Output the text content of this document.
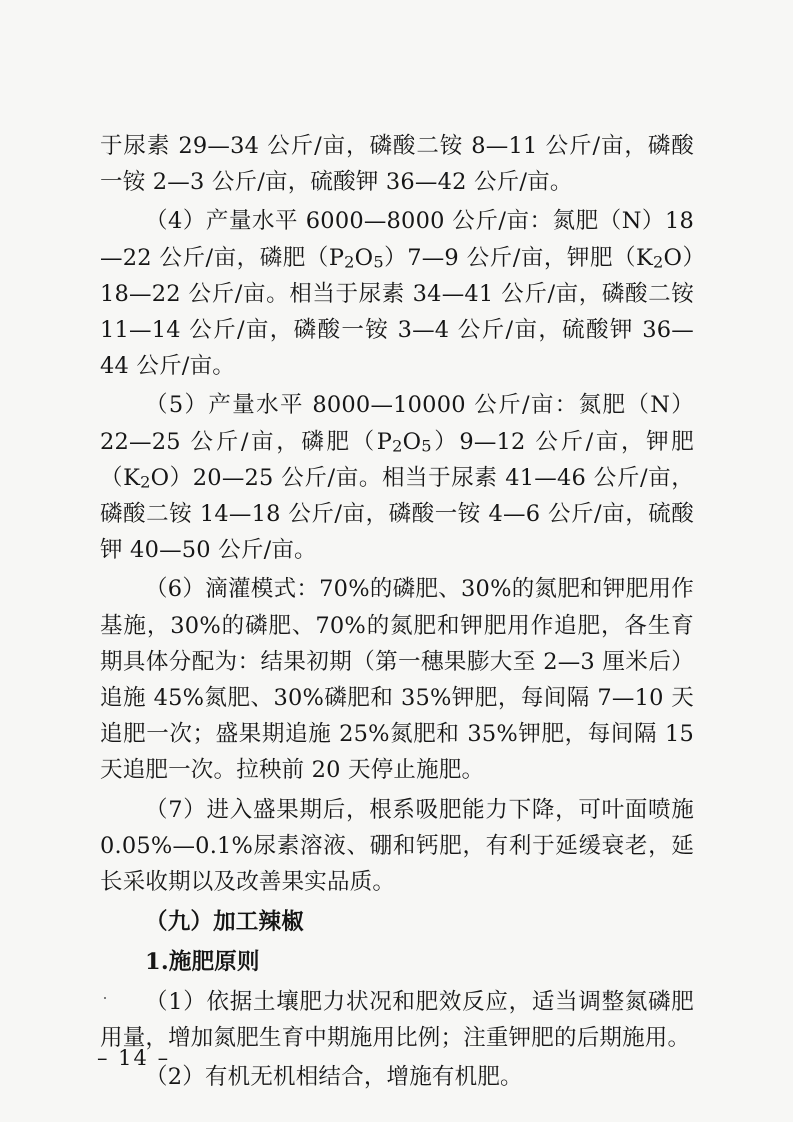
于尿素 29—34 公斤/亩，磷酸二铵 8—11 公斤/亩，磷酸一铵 2—3 公斤/亩，硫酸钾 36—42 公斤/亩。

（4）产量水平 6000—8000 公斤/亩：氮肥（N）18—22 公斤/亩，磷肥$(P_2O_5)7—9$ 公斤/亩，钾肥$(K_2O)18—22$ 公斤/亩。相当于尿素 34—41 公斤/亩，磷酸二铵 11—14 公斤/亩，磷酸一铵 3—4 公斤/亩，硫酸钾 36—44 公斤/亩。

（5）产量水平 8000—10000 公斤/亩：氮肥（N）22—25 公斤/亩，磷肥$(P_2O_5)9—12$ 公斤/亩，钾肥$(K_2O)20—25$ 公斤/亩。相当于尿素 41—46 公斤/亩，磷酸二铵 14—18 公斤/亩，磷酸一铵 4—6 公斤/亩，硫酸钾 40—50 公斤/亩。

（6）滴灌模式：70%的磷肥、30%的氮肥和钾肥用作基施，30%的磷肥、70%的氮肥和钾肥用作追肥，各生育期具体分配为：结果初期（第一穗果膨大至 2—3 厘米后）追施 45%氮肥、30%磷肥和 35%钾肥，每间隔 7—10 天追肥一次；盛果期追施 25%氮肥和 35%钾肥，每间隔 15 天追肥一次。拉秧前 20 天停止施肥。

（7）进入盛果期后，根系吸肥能力下降，可叶面喷施 0.05%—0.1%尿素溶液、硼和钙肥，有利于延缓衰老，延长采收期以及改善果实品质。

（九）加工辣椒

1.施肥原则

（1）依据土壤肥力状况和肥效反应，适当调整氮磷肥用量，增加氮肥生育中期施用比例；注重钾肥的后期施用。

（2）有机无机相结合，增施有机肥。

– 14 –
